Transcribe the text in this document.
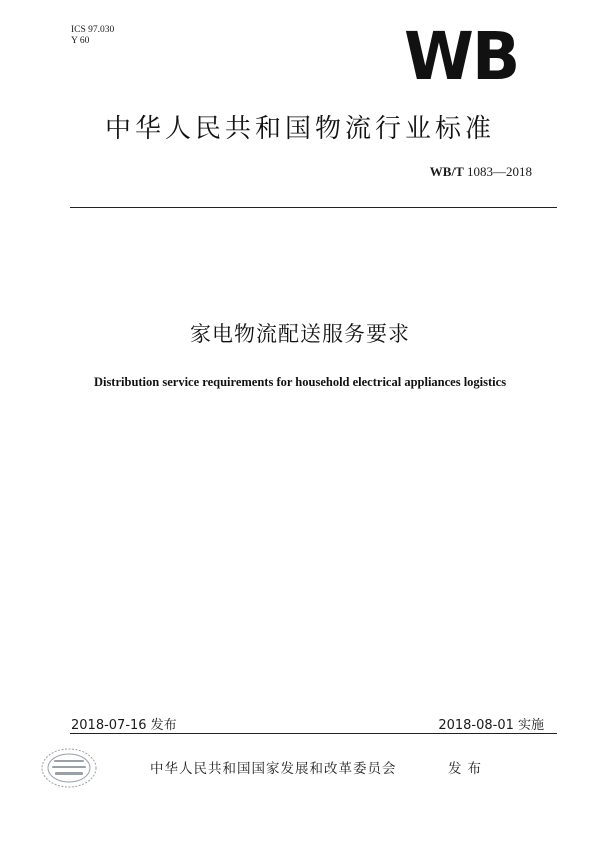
ICS 97.030
Y 60	WB
中华人民共和国物流行业标准
WB/T 1083—2018
家电物流配送服务要求
Distribution service requirements for household electrical appliances logistics
2018-07-16 发布	2018-08-01 实施
中华人民共和国国家发展和改革委员会	发布
